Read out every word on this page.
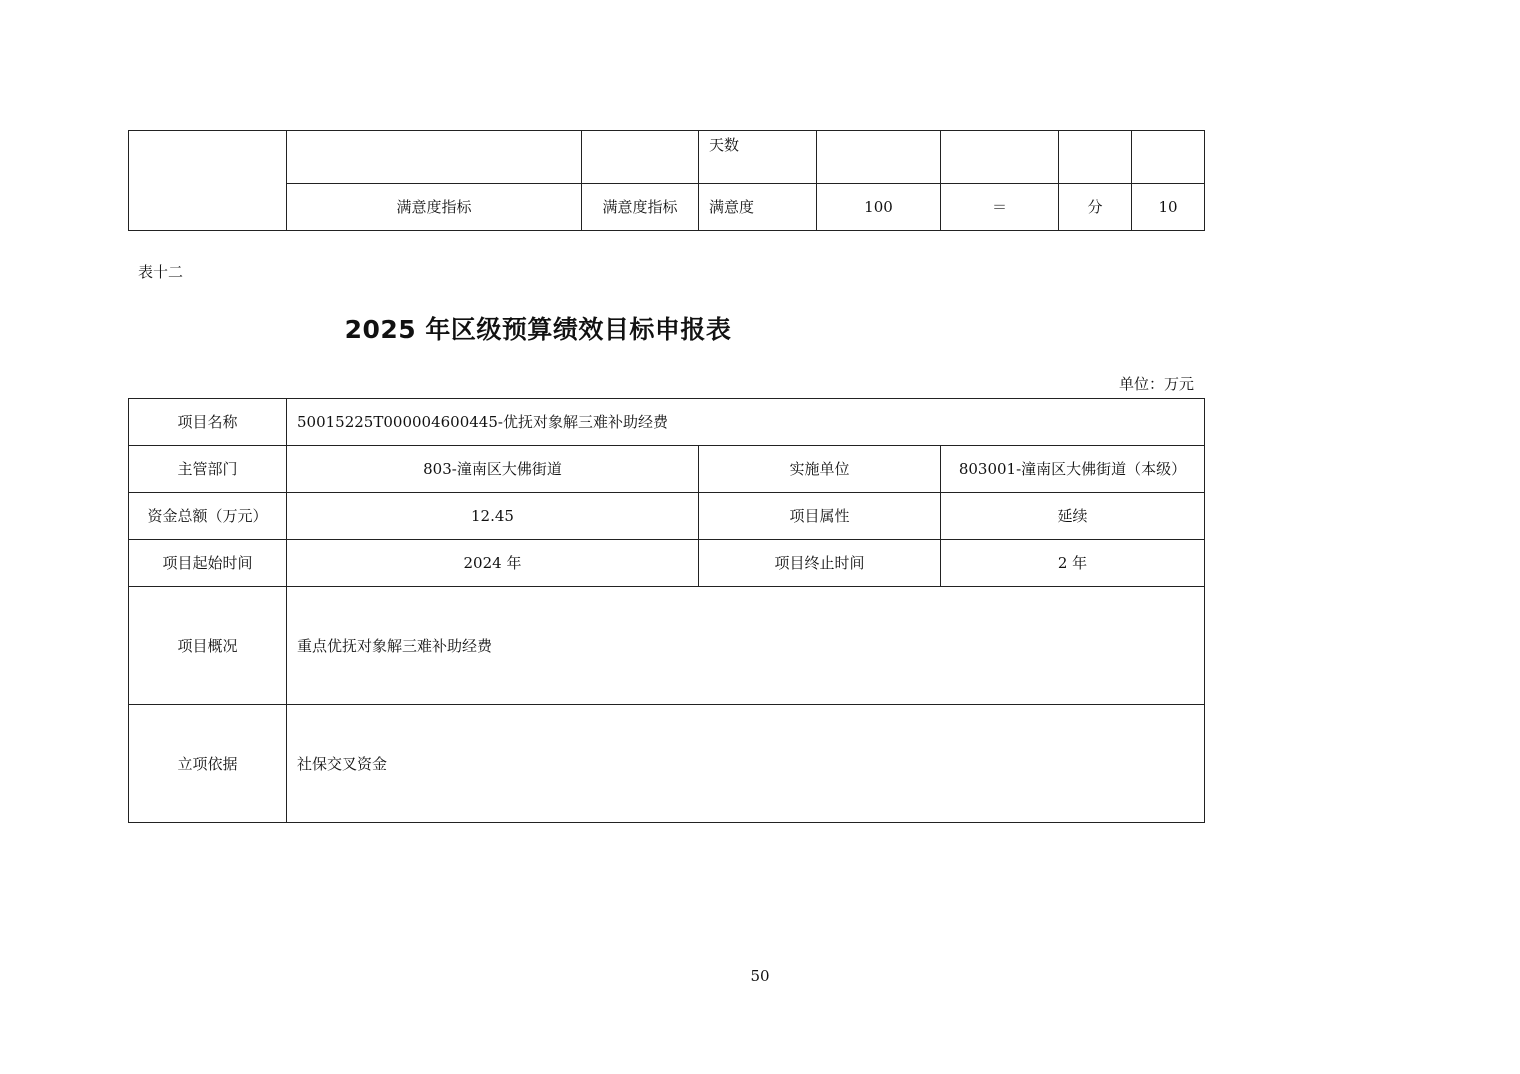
			天数				
	满意度指标	满意度指标	满意度	100	＝	分	10
表十二
2025 年区级预算绩效目标申报表
单位：万元
项目名称	50015225T000004600445-优抚对象解三难补助经费		
主管部门	803-潼南区大佛街道	实施单位	803001-潼南区大佛街道（本级）
资金总额（万元）	12.45	项目属性	延续
项目起始时间	2024 年	项目终止时间	2 年
项目概况	重点优抚对象解三难补助经费		
立项依据	社保交叉资金		
50
